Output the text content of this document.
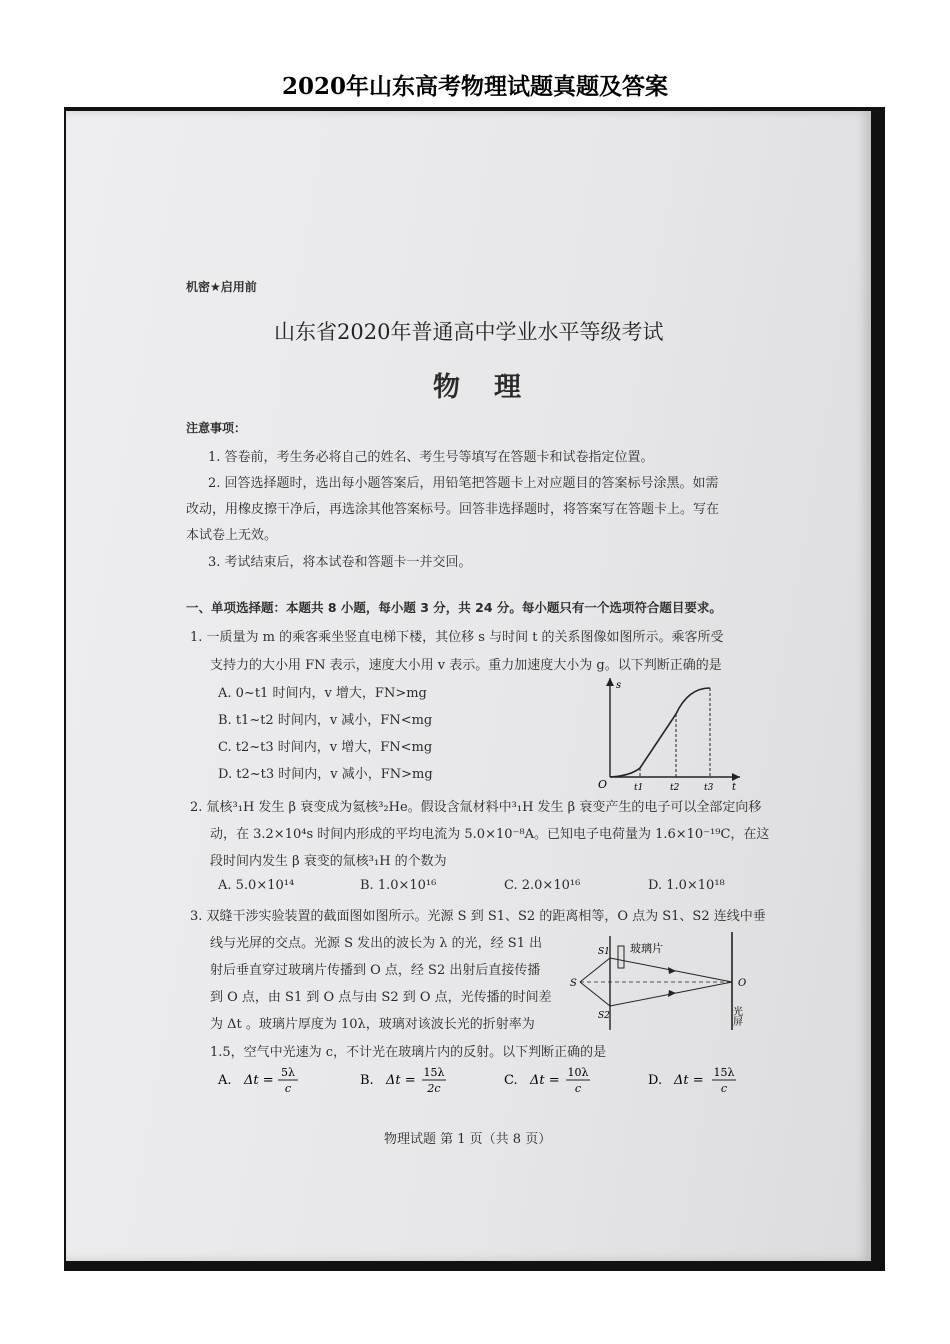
2020年山东高考物理试题真题及答案
机密★启用前
山东省2020年普通高中学业水平等级考试
物理
注意事项：
1. 答卷前，考生务必将自己的姓名、考生号等填写在答题卡和试卷指定位置。
2. 回答选择题时，选出每小题答案后，用铅笔把答题卡上对应题目的答案标号涂黑。如需
改动，用橡皮擦干净后，再选涂其他答案标号。回答非选择题时，将答案写在答题卡上。写在
本试卷上无效。
3. 考试结束后，将本试卷和答题卡一并交回。
一、单项选择题：本题共 8 小题，每小题 3 分，共 24 分。每小题只有一个选项符合题目要求。
1. 一质量为 m 的乘客乘坐竖直电梯下楼，其位移 s 与时间 t 的关系图像如图所示。乘客所受
支持力的大小用 FN 表示，速度大小用 v 表示。重力加速度大小为 g。以下判断正确的是
A. 0~t1 时间内，v 增大，FN>mg
B. t1~t2 时间内，v 减小，FN<mg
C. t2~t3 时间内，v 增大，FN<mg
D. t2~t3 时间内，v 减小，FN>mg
s
t
O	t1	t2	t3
2. 氚核³₁H 发生 β 衰变成为氦核³₂He。假设含氚材料中³₁H 发生 β 衰变产生的电子可以全部定向移
动，在 3.2×10⁴s 时间内形成的平均电流为 5.0×10⁻⁸A。已知电子电荷量为 1.6×10⁻¹⁹C，在这
段时间内发生 β 衰变的氚核³₁H 的个数为
A. 5.0×10¹⁴	B. 1.0×10¹⁶	C. 2.0×10¹⁶	D. 1.0×10¹⁸
3. 双缝干涉实验装置的截面图如图所示。光源 S 到 S1、S2 的距离相等，O 点为 S1、S2 连线中垂
线与光屏的交点。光源 S 发出的波长为 λ 的光，经 S1 出
射后垂直穿过玻璃片传播到 O 点，经 S2 出射后直接传播
到 O 点，由 S1 到 O 点与由 S2 到 O 点，光传播的时间差
为 Δt 。玻璃片厚度为 10λ，玻璃对该波长光的折射率为
1.5，空气中光速为 c，不计光在玻璃片内的反射。以下判断正确的是
S
S1
S2
玻璃片
O
光屏
A. Δt =
5λ
c
B. Δt =
15λ
2c
C. Δt =
10λ
c
D. Δt =
15λ
c
物理试题 第 1 页（共 8 页）
